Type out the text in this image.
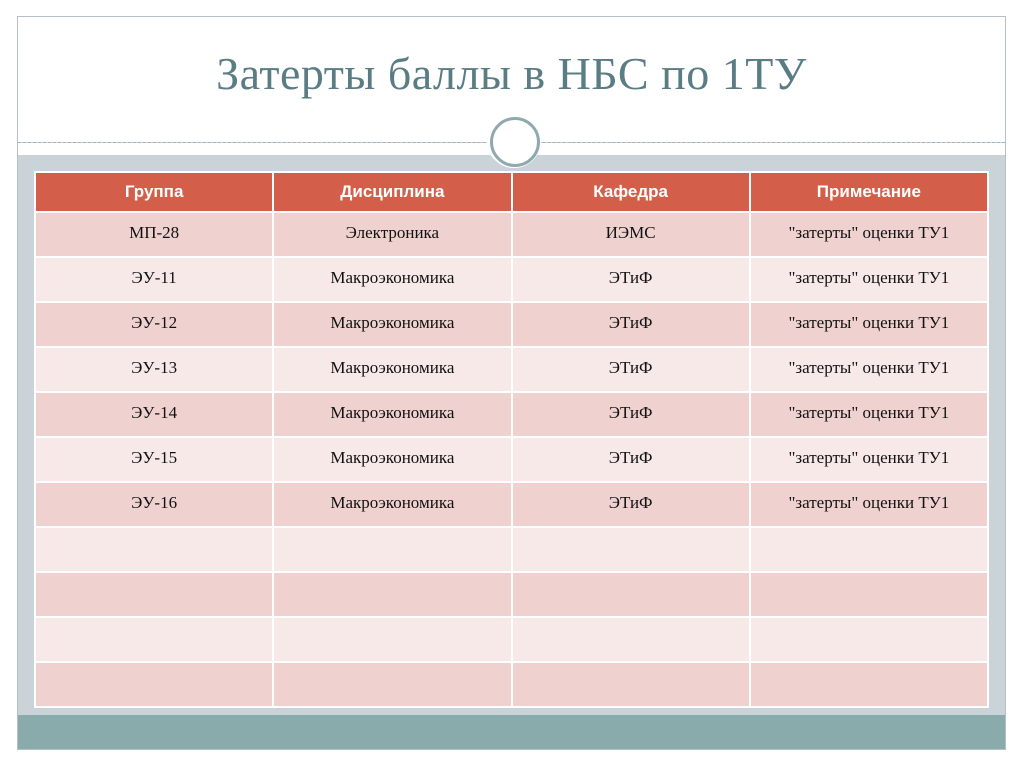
Затерты баллы в НБС по 1ТУ
Группа	Дисциплина	Кафедра	Примечание
МП-28	Электроника	ИЭМС	"затерты" оценки ТУ1
ЭУ-11	Макроэкономика	ЭТиФ	"затерты" оценки ТУ1
ЭУ-12	Макроэкономика	ЭТиФ	"затерты" оценки ТУ1
ЭУ-13	Макроэкономика	ЭТиФ	"затерты" оценки ТУ1
ЭУ-14	Макроэкономика	ЭТиФ	"затерты" оценки ТУ1
ЭУ-15	Макроэкономика	ЭТиФ	"затерты" оценки ТУ1
ЭУ-16	Макроэкономика	ЭТиФ	"затерты" оценки ТУ1
